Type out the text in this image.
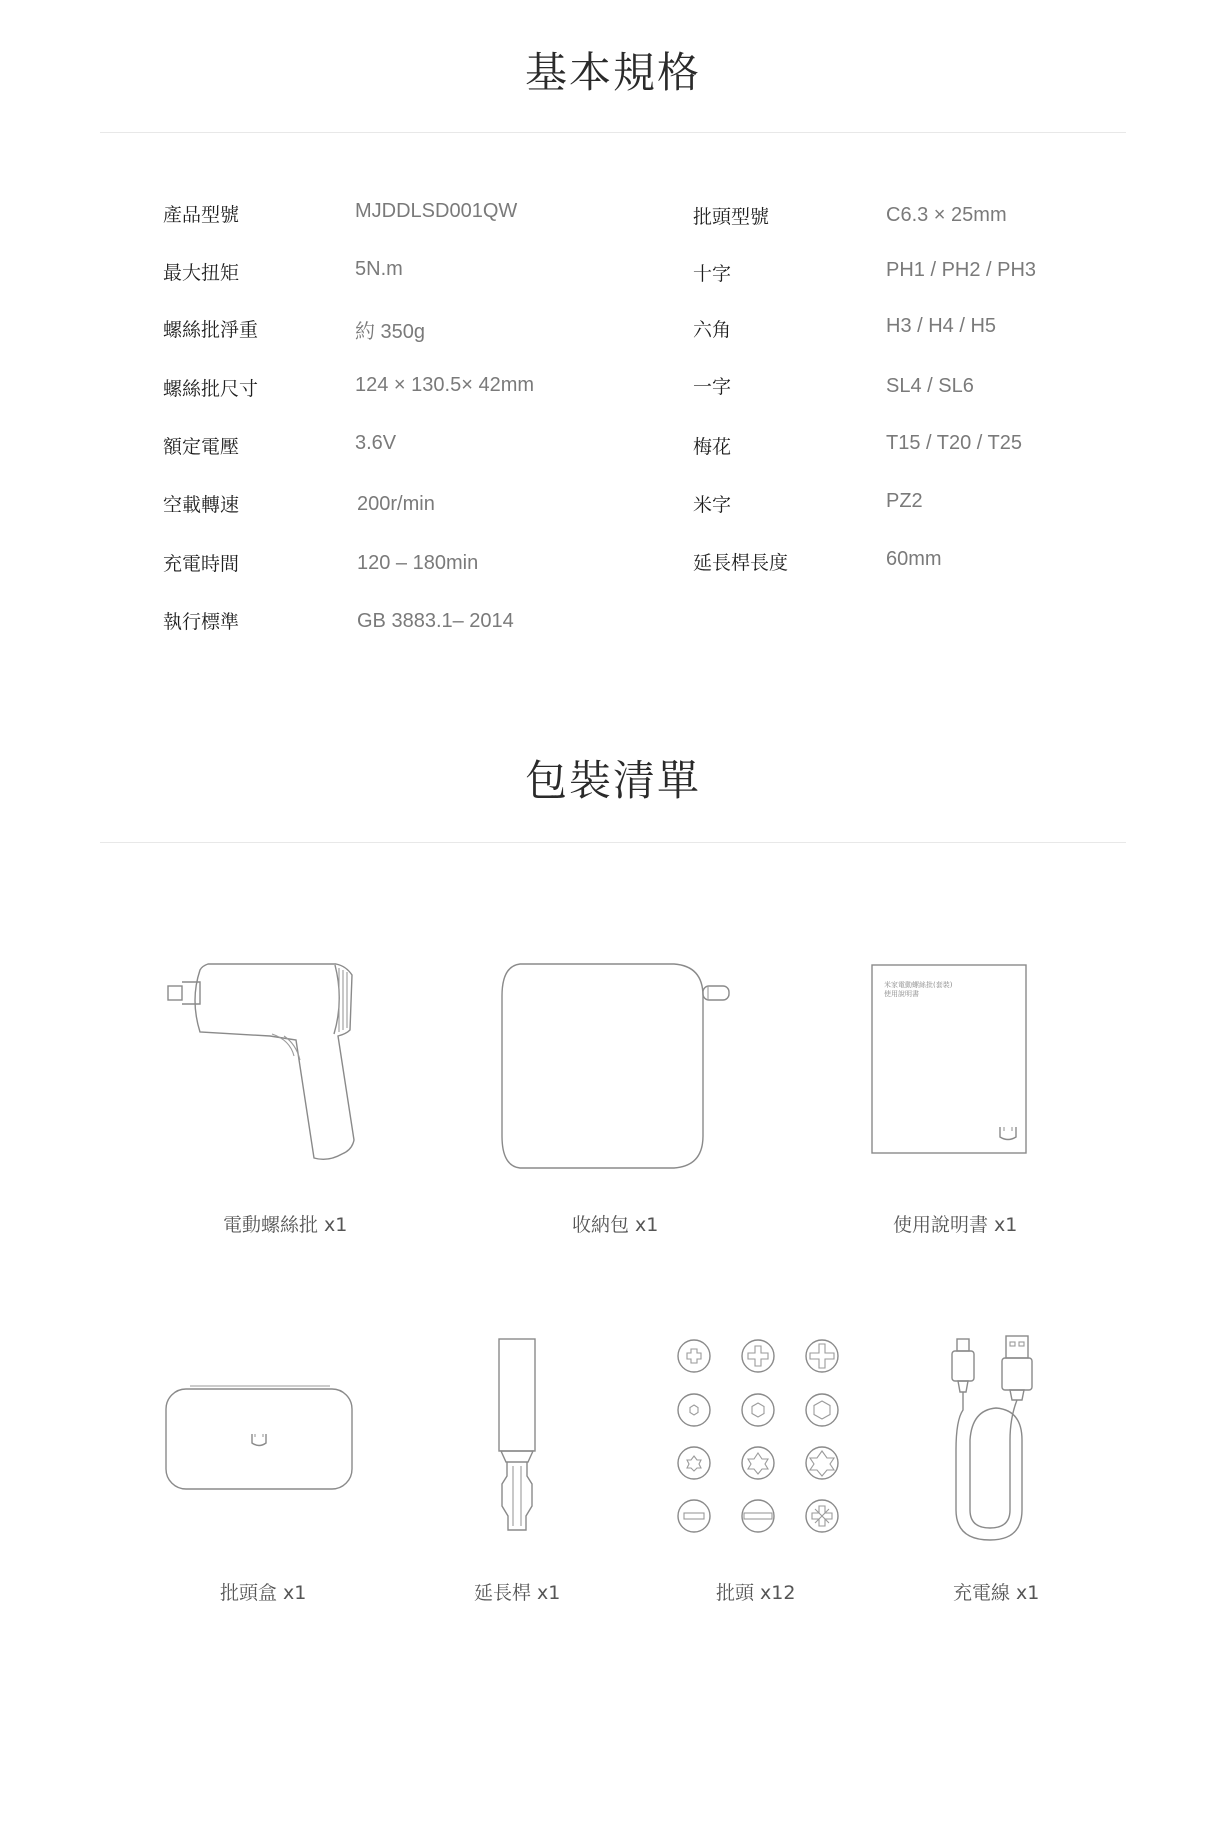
基本規格
產品型號	MJDDLSD001QW
最大扭矩	5N.m
螺絲批淨重	約 350g
螺絲批尺寸	124 × 130.5× 42mm
額定電壓	3.6V
空載轉速	200r/min
充電時間	120 – 180min
執行標準	GB 3883.1– 2014
批頭型號	C6.3 × 25mm
十字	PH1 / PH2 / PH3
六角	H3 / H4 / H5
一字	SL4 / SL6
梅花	T15 / T20 / T25
米字	PZ2
延長桿長度	60mm
包裝清單
電動螺絲批 x1	收納包 x1
米家電動螺絲批(套裝)
使用說明書
使用說明書 x1
批頭盒 x1	延長桿 x1	批頭 x12	充電線 x1
